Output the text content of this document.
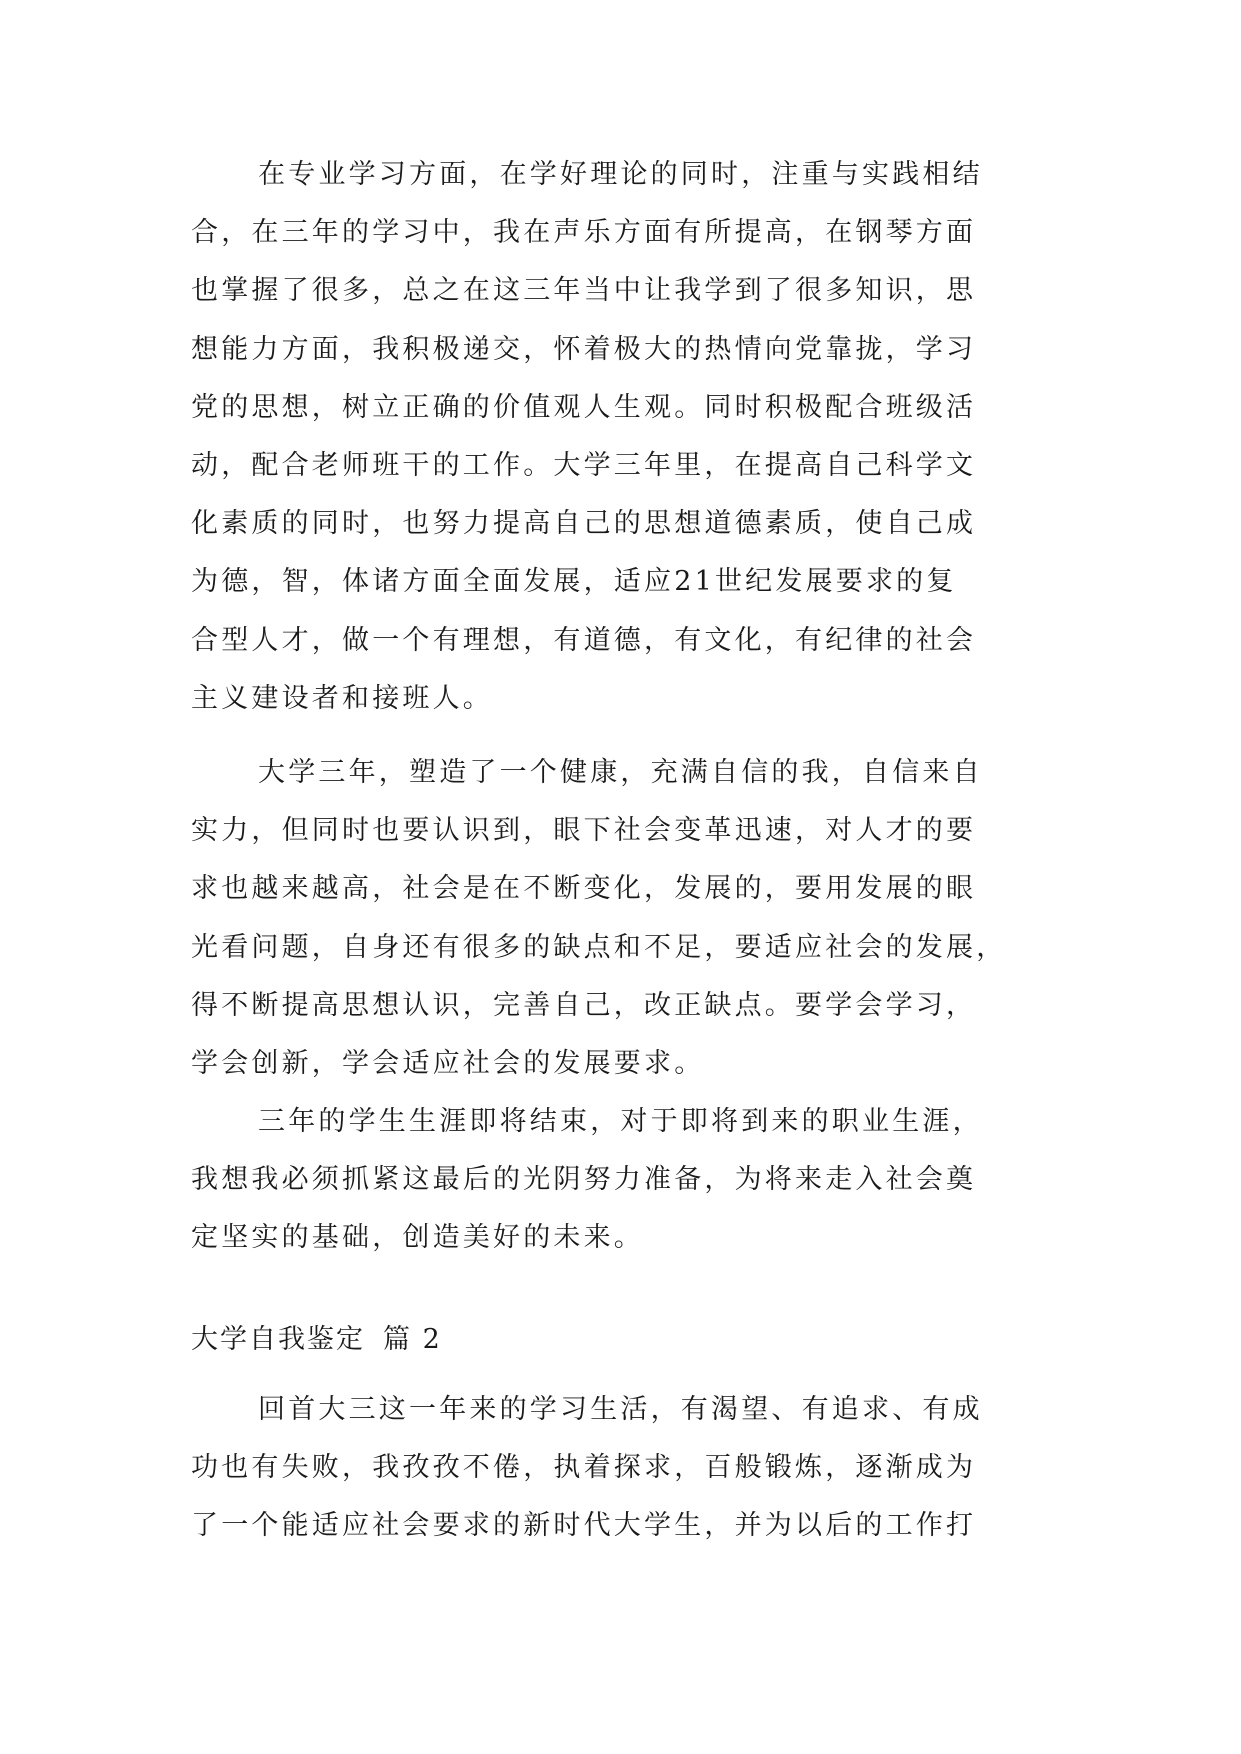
在专业学习方面，在学好理论的同时，注重与实践相结
合，在三年的学习中，我在声乐方面有所提高，在钢琴方面
也掌握了很多，总之在这三年当中让我学到了很多知识，思
想能力方面，我积极递交，怀着极大的热情向党靠拢，学习
党的思想，树立正确的价值观人生观。同时积极配合班级活
动，配合老师班干的工作。大学三年里，在提高自己科学文
化素质的同时，也努力提高自己的思想道德素质，使自己成
为德，智，体诸方面全面发展，适应21世纪发展要求的复
合型人才，做一个有理想，有道德，有文化，有纪律的社会
主义建设者和接班人。
大学三年，塑造了一个健康，充满自信的我，自信来自
实力，但同时也要认识到，眼下社会变革迅速，对人才的要
求也越来越高，社会是在不断变化，发展的，要用发展的眼
光看问题，自身还有很多的缺点和不足，要适应社会的发展，
得不断提高思想认识，完善自己，改正缺点。要学会学习，
学会创新，学会适应社会的发展要求。
三年的学生生涯即将结束，对于即将到来的职业生涯，
我想我必须抓紧这最后的光阴努力准备，为将来走入社会奠
定坚实的基础，创造美好的未来。
大学自我鉴定 篇 2
回首大三这一年来的学习生活，有渴望、有追求、有成
功也有失败，我孜孜不倦，执着探求，百般锻炼，逐渐成为
了一个能适应社会要求的新时代大学生，并为以后的工作打
